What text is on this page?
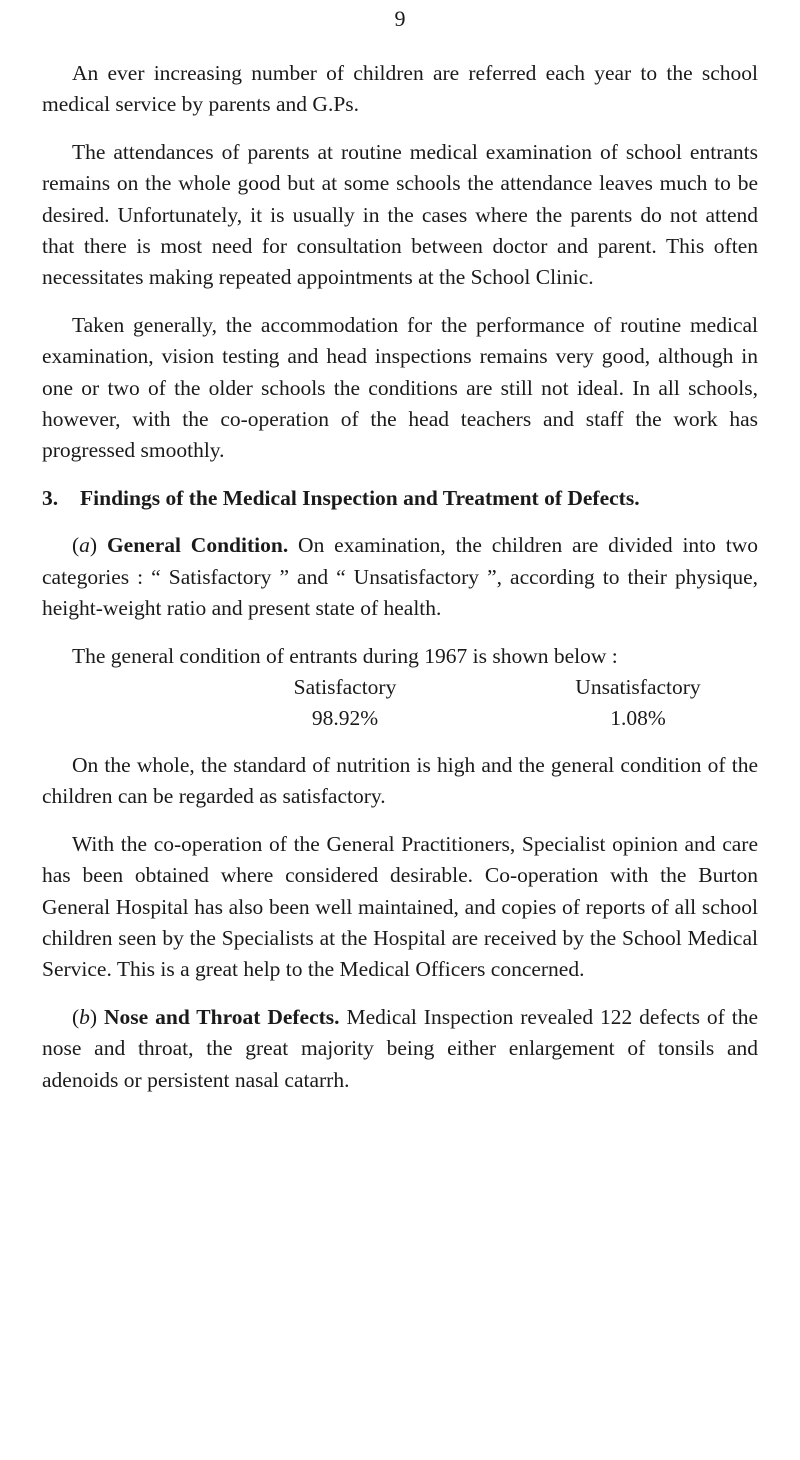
9

An ever increasing number of children are referred each year to the school medical service by parents and G.Ps.

The attendances of parents at routine medical examination of school entrants remains on the whole good but at some schools the attendance leaves much to be desired. Unfortunately, it is usually in the cases where the parents do not attend that there is most need for consultation between doctor and parent. This often necessitates making repeated appointments at the School Clinic.

Taken generally, the accommodation for the performance of routine medical examination, vision testing and head inspections remains very good, although in one or two of the older schools the conditions are still not ideal. In all schools, however, with the co-operation of the head teachers and staff the work has progressed smoothly.

3.	Findings of the Medical Inspection and Treatment of Defects.

(a) General Condition. On examination, the children are divided into two categories : “ Satisfactory ” and “ Unsatisfactory ”, according to their physique, height-weight ratio and present state of health.

The general condition of entrants during 1967 is shown below :

Satisfactory	Unsatisfactory
98.92%	1.08%

On the whole, the standard of nutrition is high and the general condition of the children can be regarded as satisfactory.

With the co-operation of the General Practitioners, Specialist opinion and care has been obtained where considered desirable. Co-operation with the Burton General Hospital has also been well maintained, and copies of reports of all school children seen by the Specialists at the Hospital are received by the School Medical Service. This is a great help to the Medical Officers concerned.

(b) Nose and Throat Defects. Medical Inspection revealed 122 defects of the nose and throat, the great majority being either enlargement of tonsils and adenoids or persistent nasal catarrh.
